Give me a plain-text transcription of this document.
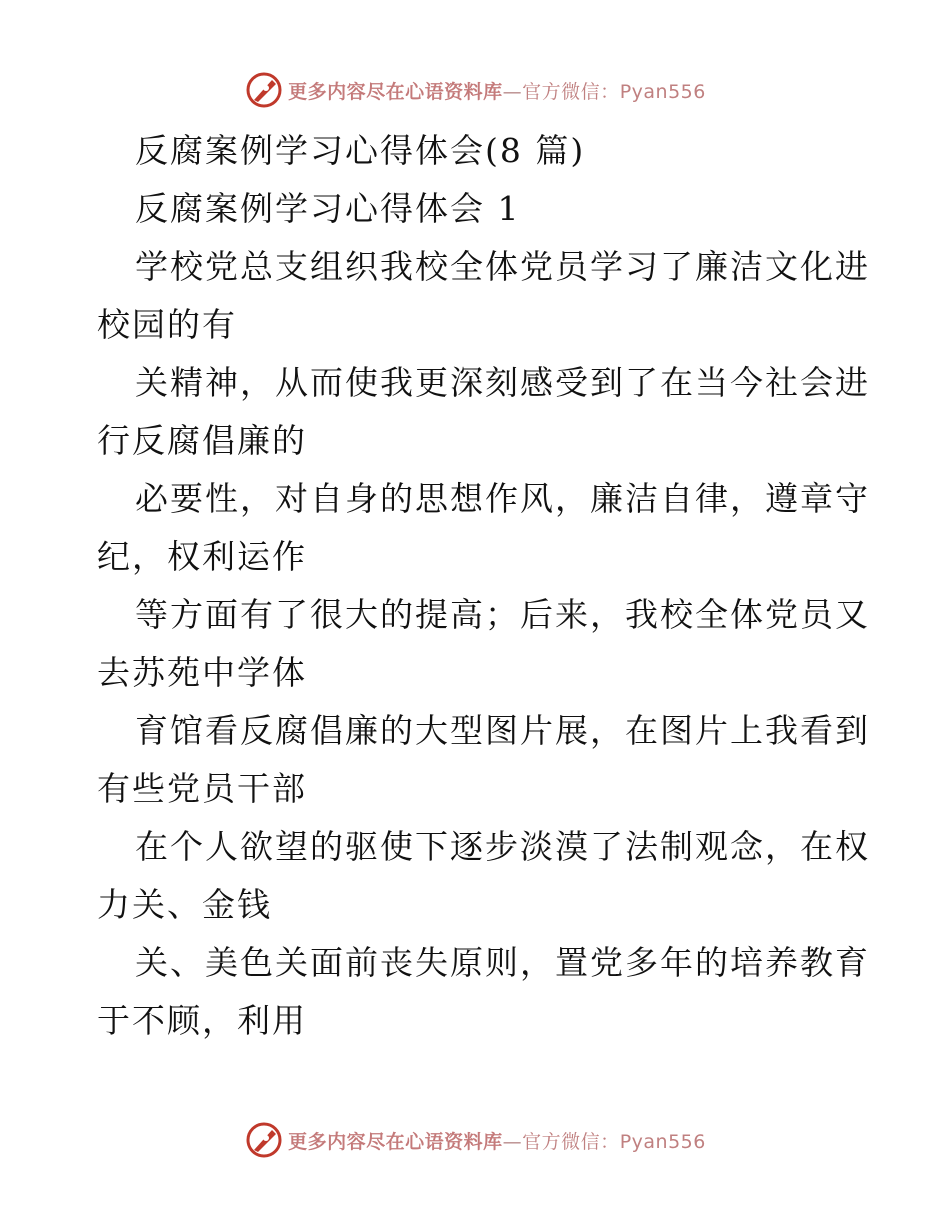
更多内容尽在心语资料库—官方微信：Pyan556
反腐案例学习心得体会(8 篇)
反腐案例学习心得体会 1
学校党总支组织我校全体党员学习了廉洁文化进
校园的有
关精神，从而使我更深刻感受到了在当今社会进
行反腐倡廉的
必要性，对自身的思想作风，廉洁自律，遵章守
纪，权利运作
等方面有了很大的提高；后来，我校全体党员又
去苏苑中学体
育馆看反腐倡廉的大型图片展，在图片上我看到
有些党员干部
在个人欲望的驱使下逐步淡漠了法制观念，在权
力关、金钱
关、美色关面前丧失原则，置党多年的培养教育
于不顾，利用
更多内容尽在心语资料库—官方微信：Pyan556
